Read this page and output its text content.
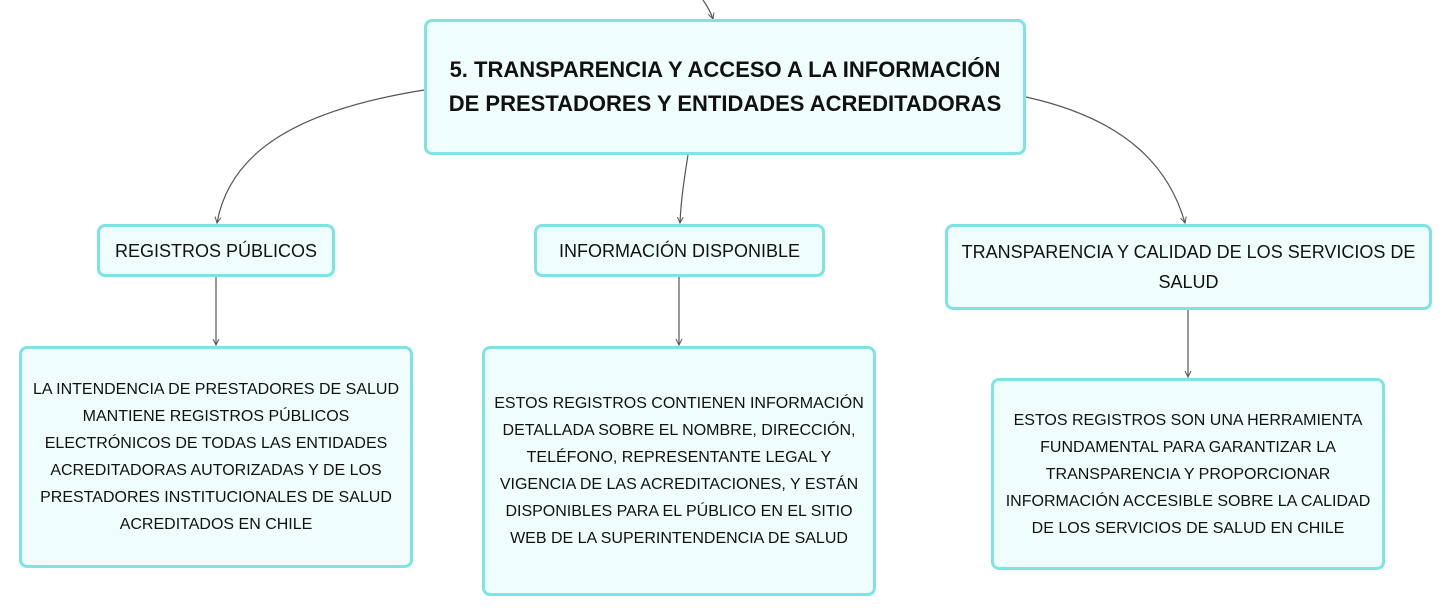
5. TRANSPARENCIA Y ACCESO A LA INFORMACIÓN DE PRESTADORES Y ENTIDADES ACREDITADORAS
REGISTROS PÚBLICOS	INFORMACIÓN DISPONIBLE	TRANSPARENCIA Y CALIDAD DE LOS SERVICIOS DE SALUD
LA INTENDENCIA DE PRESTADORES DE SALUD MANTIENE REGISTROS PÚBLICOS ELECTRÓNICOS DE TODAS LAS ENTIDADES ACREDITADORAS AUTORIZADAS Y DE LOS PRESTADORES INSTITUCIONALES DE SALUD ACREDITADOS EN CHILE
ESTOS REGISTROS CONTIENEN INFORMACIÓN DETALLADA SOBRE EL NOMBRE, DIRECCIÓN, TELÉFONO, REPRESENTANTE LEGAL Y VIGENCIA DE LAS ACREDITACIONES, Y ESTÁN DISPONIBLES PARA EL PÚBLICO EN EL SITIO WEB DE LA SUPERINTENDENCIA DE SALUD
ESTOS REGISTROS SON UNA HERRAMIENTA FUNDAMENTAL PARA GARANTIZAR LA TRANSPARENCIA Y PROPORCIONAR INFORMACIÓN ACCESIBLE SOBRE LA CALIDAD DE LOS SERVICIOS DE SALUD EN CHILE
